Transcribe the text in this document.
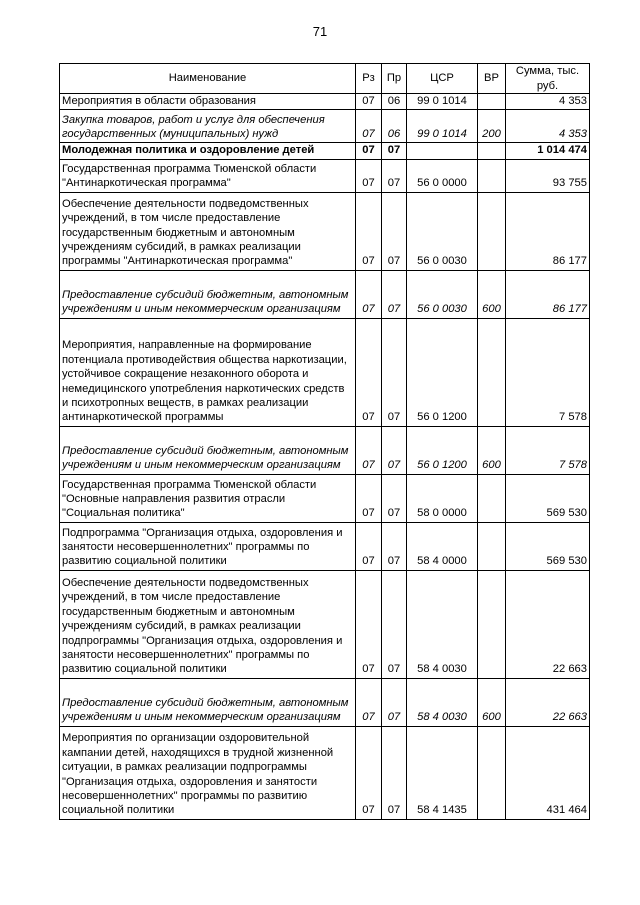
71
Наименование	Рз	Пр	ЦСР	ВР	Сумма, тыс. руб.
Мероприятия в области образования	07	06	99 0 1014		4 353
Закупка товаров, работ и услуг для обеспечения государственных (муниципальных) нужд	07	06	99 0 1014	200	4 353
Молодежная политика и оздоровление детей	07	07			1 014 474
Государственная программа Тюменской области "Антинаркотическая программа"	07	07	56 0 0000		93 755
Обеспечение деятельности подведомственных учреждений, в том числе предоставление государственным бюджетным и автономным учреждениям субсидий, в рамках реализации программы "Антинаркотическая программа"	07	07	56 0 0030		86 177
Предоставление субсидий бюджетным, автономным учреждениям и иным некоммерческим организациям	07	07	56 0 0030	600	86 177
Мероприятия, направленные на формирование потенциала противодействия общества наркотизации, устойчивое сокращение незаконного оборота и немедицинского употребления наркотических средств и психотропных веществ, в рамках реализации антинаркотической программы	07	07	56 0 1200		7 578
Предоставление субсидий бюджетным, автономным учреждениям и иным некоммерческим организациям	07	07	56 0 1200	600	7 578
Государственная программа Тюменской области "Основные направления развития отрасли "Социальная политика"	07	07	58 0 0000		569 530
Подпрограмма "Организация отдыха, оздоровления и занятости несовершеннолетних" программы по развитию социальной политики	07	07	58 4 0000		569 530
Обеспечение деятельности подведомственных учреждений, в том числе предоставление государственным бюджетным и автономным учреждениям субсидий, в рамках реализации подпрограммы "Организация отдыха, оздоровления и занятости несовершеннолетних" программы по развитию социальной политики	07	07	58 4 0030		22 663
Предоставление субсидий бюджетным, автономным учреждениям и иным некоммерческим организациям	07	07	58 4 0030	600	22 663
Мероприятия по организации оздоровительной кампании детей, находящихся в трудной жизненной ситуации, в рамках реализации подпрограммы "Организация отдыха, оздоровления и занятости несовершеннолетних" программы по развитию социальной политики	07	07	58 4 1435		431 464
